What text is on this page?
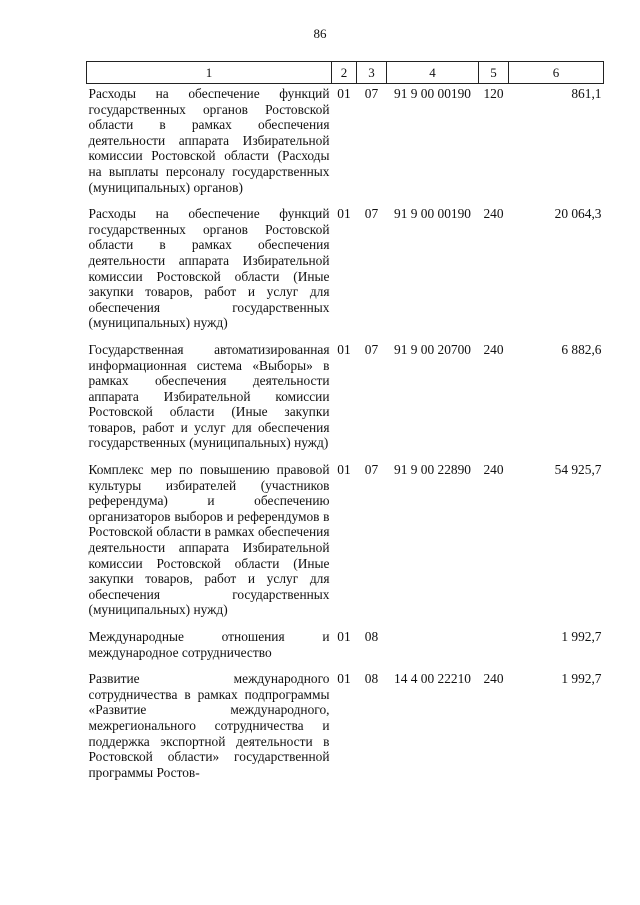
86
1	2	3	4	5	6
Расходы на обеспечение функций государственных органов Ростовской области в рамках обеспечения деятельности аппарата Избирательной комиссии Ростовской области (Расходы на выплаты персоналу государственных (муниципальных) органов)	01	07	91 9 00 00190	120	861,1
Расходы на обеспечение функций государственных органов Ростовской области в рамках обеспечения деятельности аппарата Избирательной комиссии Ростовской области (Иные закупки товаров, работ и услуг для обеспечения государственных (муниципальных) нужд)	01	07	91 9 00 00190	240	20 064,3
Государственная автоматизированная информационная система «Выборы» в рамках обеспечения деятельности аппарата Избирательной комиссии Ростовской области (Иные закупки товаров, работ и услуг для обеспечения государственных (муниципальных) нужд)	01	07	91 9 00 20700	240	6 882,6
Комплекс мер по повышению правовой культуры избирателей (участников референдума) и обеспечению организаторов выборов и референдумов в Ростовской области в рамках обеспечения деятельности аппарата Избирательной комиссии Ростовской области (Иные закупки товаров, работ и услуг для обеспечения государственных (муниципальных) нужд)	01	07	91 9 00 22890	240	54 925,7
Международные отношения и международное сотрудничество	01	08			1 992,7
Развитие международного сотрудничества в рамках подпрограммы «Развитие международного, межрегионального сотрудничества и поддержка экспортной деятельности в Ростовской области» государственной программы Ростов-	01	08	14 4 00 22210	240	1 992,7
